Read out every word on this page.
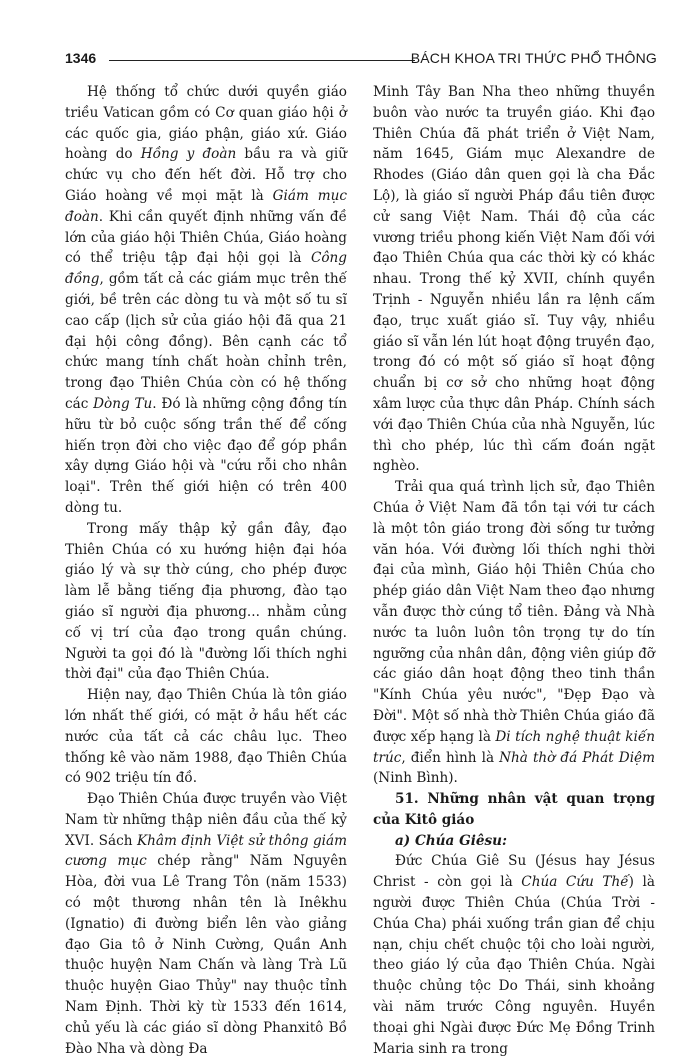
1346	BÁCH KHOA TRI THỨC PHỔ THÔNG

Hệ thống tổ chức dưới quyền giáo triều Vatican gồm có Cơ quan giáo hội ở các quốc gia, giáo phận, giáo xứ. Giáo hoàng do Hồng y đoàn bầu ra và giữ chức vụ cho đến hết đời. Hỗ trợ cho Giáo hoàng về mọi mặt là Giám mục đoàn. Khi cần quyết định những vấn đề lớn của giáo hội Thiên Chúa, Giáo hoàng có thể triệu tập đại hội gọi là Công đồng, gồm tất cả các giám mục trên thế giới, bề trên các dòng tu và một số tu sĩ cao cấp (lịch sử của giáo hội đã qua 21 đại hội công đồng). Bên cạnh các tổ chức mang tính chất hoàn chỉnh trên, trong đạo Thiên Chúa còn có hệ thống các Dòng Tu. Đó là những cộng đồng tín hữu từ bỏ cuộc sống trần thế để cống hiến trọn đời cho việc đạo để góp phần xây dựng Giáo hội và "cứu rỗi cho nhân loại". Trên thế giới hiện có trên 400 dòng tu.

Trong mấy thập kỷ gần đây, đạo Thiên Chúa có xu hướng hiện đại hóa giáo lý và sự thờ cúng, cho phép được làm lễ bằng tiếng địa phương, đào tạo giáo sĩ người địa phương... nhằm củng cố vị trí của đạo trong quần chúng. Người ta gọi đó là "đường lối thích nghi thời đại" của đạo Thiên Chúa.

Hiện nay, đạo Thiên Chúa là tôn giáo lớn nhất thế giới, có mặt ở hầu hết các nước của tất cả các châu lục. Theo thống kê vào năm 1988, đạo Thiên Chúa có 902 triệu tín đồ.

Đạo Thiên Chúa được truyền vào Việt Nam từ những thập niên đầu của thế kỷ XVI. Sách Khâm định Việt sử thông giám cương mục chép rằng" Năm Nguyên Hòa, đời vua Lê Trang Tôn (năm 1533) có một thương nhân tên là Inêkhu (Ignatio) đi đường biển lên vào giảng đạo Gia tô ở Ninh Cường, Quần Anh thuộc huyện Nam Chấn và làng Trà Lũ thuộc huyện Giao Thủy" nay thuộc tỉnh Nam Định. Thời kỳ từ 1533 đến 1614, chủ yếu là các giáo sĩ dòng Phanxitô Bồ Đào Nha và dòng Đa

Minh Tây Ban Nha theo những thuyền buôn vào nước ta truyền giáo. Khi đạo Thiên Chúa đã phát triển ở Việt Nam, năm 1645, Giám mục Alexandre de Rhodes (Giáo dân quen gọi là cha Đắc Lộ), là giáo sĩ người Pháp đầu tiên được cử sang Việt Nam. Thái độ của các vương triều phong kiến Việt Nam đối với đạo Thiên Chúa qua các thời kỳ có khác nhau. Trong thế kỷ XVII, chính quyền Trịnh - Nguyễn nhiều lần ra lệnh cấm đạo, trục xuất giáo sĩ. Tuy vậy, nhiều giáo sĩ vẫn lén lút hoạt động truyền đạo, trong đó có một số giáo sĩ hoạt động chuẩn bị cơ sở cho những hoạt động xâm lược của thực dân Pháp. Chính sách với đạo Thiên Chúa của nhà Nguyễn, lúc thì cho phép, lúc thì cấm đoán ngặt nghèo.

Trải qua quá trình lịch sử, đạo Thiên Chúa ở Việt Nam đã tồn tại với tư cách là một tôn giáo trong đời sống tư tưởng văn hóa. Với đường lối thích nghi thời đại của mình, Giáo hội Thiên Chúa cho phép giáo dân Việt Nam theo đạo nhưng vẫn được thờ cúng tổ tiên. Đảng và Nhà nước ta luôn luôn tôn trọng tự do tín ngưỡng của nhân dân, động viên giúp đỡ các giáo dân hoạt động theo tinh thần "Kính Chúa yêu nước", "Đẹp Đạo và Đời". Một số nhà thờ Thiên Chúa giáo đã được xếp hạng là Di tích nghệ thuật kiến trúc, điển hình là Nhà thờ đá Phát Diệm (Ninh Bình).

51. Những nhân vật quan trọng của Kitô giáo

a) Chúa Giêsu:

Đức Chúa Giê Su (Jésus hay Jésus Christ - còn gọi là Chúa Cứu Thế) là người được Thiên Chúa (Chúa Trời - Chúa Cha) phái xuống trần gian để chịu nạn, chịu chết chuộc tội cho loài người, theo giáo lý của đạo Thiên Chúa. Ngài thuộc chủng tộc Do Thái, sinh khoảng vài năm trước Công nguyên. Huyền thoại ghi Ngài được Đức Mẹ Đồng Trinh Maria sinh ra trong
